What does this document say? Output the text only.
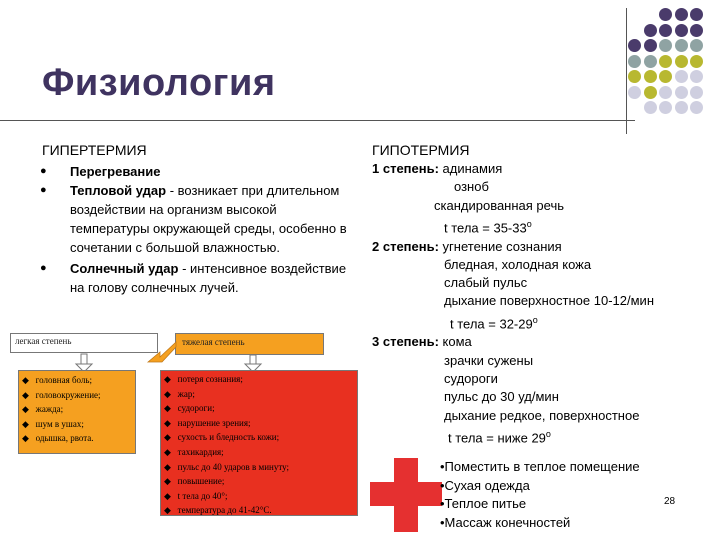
Физиология
ГИПЕРТЕРМИЯ	ГИПОТЕРМИЯ
● Перегревание
● Тепловой удар - возникает при длительном воздействии на организм высокой температуры окружающей среды, особенно в сочетании с большой влажностью.
● Солнечный удар - интенсивное воздействие на голову солнечных лучей.
1 степень: адинамия
озноб
скандированная речь
t тела = $35-33^о$
2 степень: угнетение сознания
бледная, холодная кожа
слабый пульс
дыхание поверхностное 10-12/мин
t тела = $32-29^о$
3 степень: кома
зрачки сужены
судороги
пульс до 30 уд/мин
дыхание редкое, поверхностное
t тела = ниже $29^о$
легкая степень	тяжелая степень
◆   головная боль;
◆   головокружение;
◆   жажда;
◆   шум в ушах;
◆   одышка, рвота.
◆   потеря сознания;
◆   жар;
◆   судороги;
◆   нарушение зрения;
◆   сухость и бледность кожи;
◆   тахикардия;
◆   пульс до 40 ударов в минуту;
◆   повышение;
◆   t тела до 40°;
◆   температура до 41-42°С.
•Поместить в теплое помещение
•Сухая одежда
•Теплое питье
•Массаж конечностей
28
